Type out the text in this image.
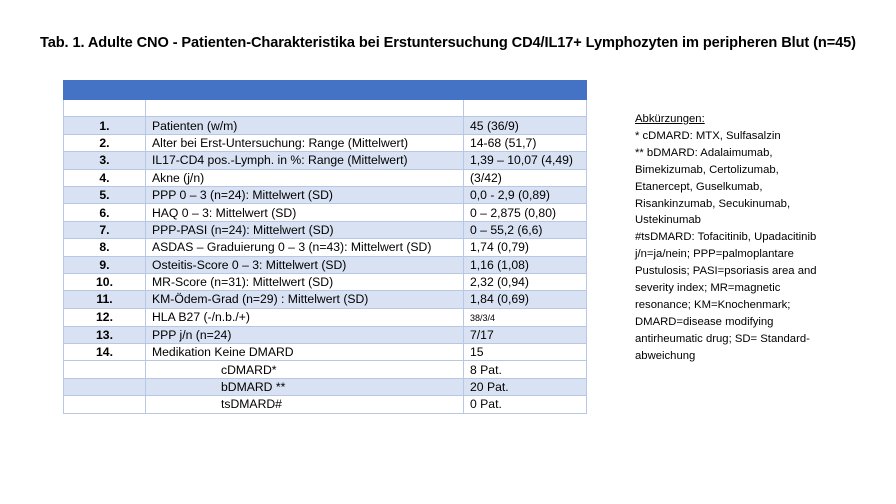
Tab. 1. Adulte CNO - Patienten-Charakteristika bei Erstuntersuchung CD4/IL17+ Lymphozyten im peripheren Blut (n=45)

1.	Patienten (w/m)	45 (36/9)
2.	Alter bei Erst-Untersuchung: Range (Mittelwert)	14-68 (51,7)
3.	IL17-CD4 pos.-Lymph. in %: Range (Mittelwert)	1,39 – 10,07 (4,49)
4.	Akne (j/n)	(3/42)
5.	PPP 0 – 3 (n=24): Mittelwert (SD)	0,0 - 2,9 (0,89)
6.	HAQ 0 – 3: Mittelwert (SD)	0 – 2,875 (0,80)
7.	PPP-PASI (n=24): Mittelwert (SD)	0 – 55,2 (6,6)
8.	ASDAS – Graduierung 0 – 3 (n=43): Mittelwert (SD)	1,74 (0,79)
9.	Osteitis-Score 0 – 3: Mittelwert (SD)	1,16 (1,08)
10.	MR-Score (n=31): Mittelwert (SD)	2,32 (0,94)
11.	KM-Ödem-Grad (n=29) : Mittelwert (SD)	1,84 (0,69)
12.	HLA B27 (-/n.b./+)	38/3/4
13.	PPP j/n (n=24)	7/17
14.	Medikation Keine DMARD	15
	cDMARD*	8 Pat.
	bDMARD **	20 Pat.
	tsDMARD#	0 Pat.
Abkürzungen:
* cDMARD: MTX, Sulfasalzin
** bDMARD: Adalaimumab,
Bimekizumab, Certolizumab,
Etanercept, Guselkumab,
Risankinzumab, Secukinumab,
Ustekinumab
#tsDMARD: Tofacitinib, Upadacitinib
j/n=ja/nein; PPP=palmoplantare
Pustulosis; PASI=psoriasis area and
severity index; MR=magnetic
resonance; KM=Knochenmark;
DMARD=disease modifying
antirheumatic drug; SD= Standard-
abweichung
